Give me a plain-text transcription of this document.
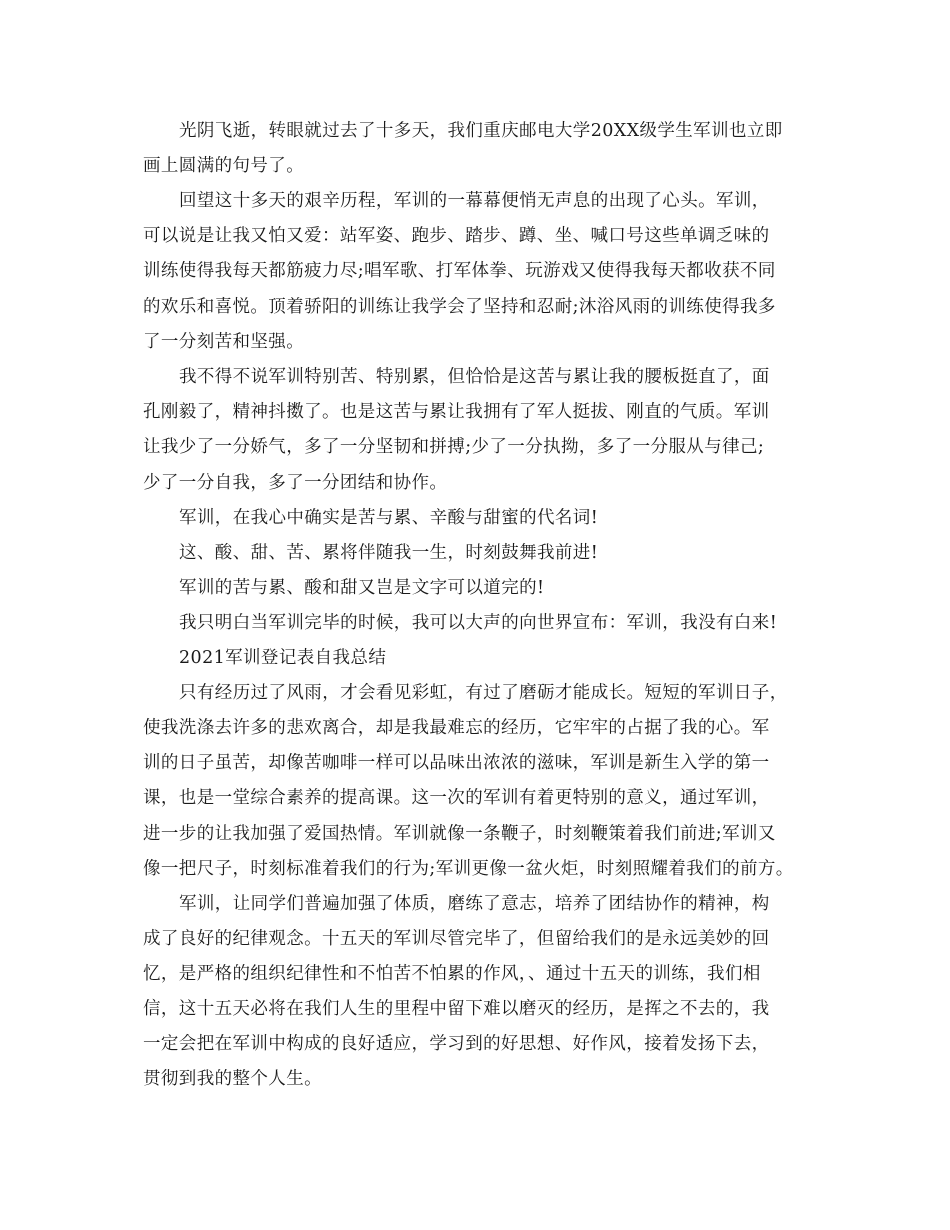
光阴飞逝，转眼就过去了十多天，我们重庆邮电大学20XX级学生军训也立即
画上圆满的句号了。
回望这十多天的艰辛历程，军训的一幕幕便悄无声息的出现了心头。军训，
可以说是让我又怕又爱：站军姿、跑步、踏步、蹲、坐、喊口号这些单调乏味的
训练使得我每天都筋疲力尽;唱军歌、打军体拳、玩游戏又使得我每天都收获不同
的欢乐和喜悦。顶着骄阳的训练让我学会了坚持和忍耐;沐浴风雨的训练使得我多
了一分刻苦和坚强。
我不得不说军训特别苦、特别累，但恰恰是这苦与累让我的腰板挺直了，面
孔刚毅了，精神抖擞了。也是这苦与累让我拥有了军人挺拔、刚直的气质。军训
让我少了一分娇气，多了一分坚韧和拼搏;少了一分执拗，多了一分服从与律己;
少了一分自我，多了一分团结和协作。
军训，在我心中确实是苦与累、辛酸与甜蜜的代名词!
这、酸、甜、苦、累将伴随我一生，时刻鼓舞我前进!
军训的苦与累、酸和甜又岂是文字可以道完的!
我只明白当军训完毕的时候，我可以大声的向世界宣布：军训，我没有白来!
2021军训登记表自我总结
只有经历过了风雨，才会看见彩虹，有过了磨砺才能成长。短短的军训日子，
使我洗涤去许多的悲欢离合，却是我最难忘的经历，它牢牢的占据了我的心。军
训的日子虽苦，却像苦咖啡一样可以品味出浓浓的滋味，军训是新生入学的第一
课，也是一堂综合素养的提高课。这一次的军训有着更特别的意义，通过军训，
进一步的让我加强了爱国热情。军训就像一条鞭子，时刻鞭策着我们前进;军训又
像一把尺子，时刻标准着我们的行为;军训更像一盆火炬，时刻照耀着我们的前方。
军训，让同学们普遍加强了体质，磨练了意志，培养了团结协作的精神，构
成了良好的纪律观念。十五天的军训尽管完毕了，但留给我们的是永远美妙的回
忆，是严格的组织纪律性和不怕苦不怕累的作风，、通过十五天的训练，我们相
信，这十五天必将在我们人生的里程中留下难以磨灭的经历，是挥之不去的，我
一定会把在军训中构成的良好适应，学习到的好思想、好作风，接着发扬下去，
贯彻到我的整个人生。
